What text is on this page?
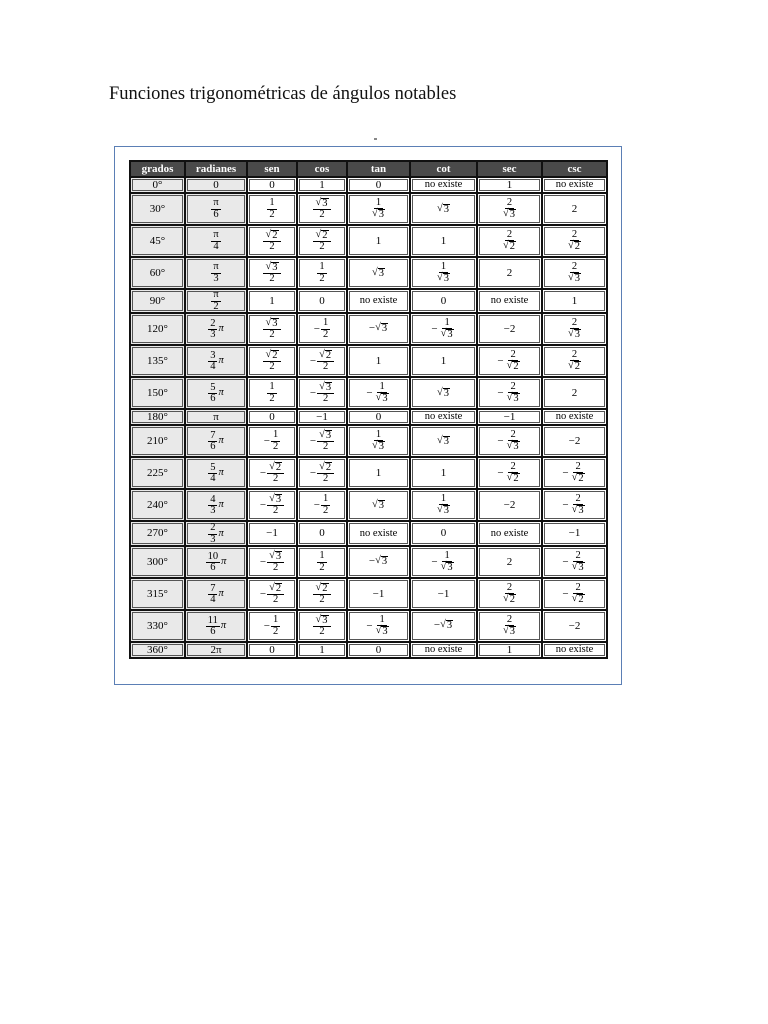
Funciones trigonométricas de ángulos notables
grados	radianes	sen	cos	tan	cot	sec	csc
0°	0	0	1	0	no existe	1	no existe
30°	$\frac{\pi}{6}$	$\frac{1}{2}$	$\frac{√ 3}{2}$	$\frac{1}{√ 3}$	√ 3	$\frac{2}{√ 3}$	2
45°	$\frac{\pi}{4}$	$\frac{√ 2}{2}$	$\frac{√ 2}{2}$	1	1	$\frac{2}{√ 2}$	$\frac{2}{√ 2}$

60°	$\frac{\pi}{3}$	$\frac{√ 3}{2}$	$\frac{1}{2}$	√ 3	$\frac{1}{√ 3}$	2	$\frac{2}{√ 3}$

90°	$\frac{\pi}{2}$	1	0	no existe	0	no existe	1
120°	$\frac{2}{3}$ π	$\frac{√ 3}{2}$	− $\frac{1}{2}$	− √ 3	− $\frac{1}{√ 3}$	−2	$\frac{2}{√ 3}$

135°	$\frac{3}{4}$ π	$\frac{√ 2}{2}$	− $\frac{√ 2}{2}$	1	1	− $\frac{2}{√ 2}$	$\frac{2}{√ 2}$

150°	$\frac{5}{6}$ π	$\frac{1}{2}$	− $\frac{√ 3}{2}$	− $\frac{1}{√ 3}$	√ 3	− $\frac{2}{√ 3}$	2
180°	π	0	−1	0	no existe	−1	no existe
210°	$\frac{7}{6}$ π	− $\frac{1}{2}$	− $\frac{√ 3}{2}$	$\frac{1}{√ 3}$	√ 3	− $\frac{2}{√ 3}$	−2
225°	$\frac{5}{4}$ π	− $\frac{√ 2}{2}$	− $\frac{√ 2}{2}$	1	1	− $\frac{2}{√ 2}$	− $\frac{2}{√ 2}$

240°	$\frac{4}{3}$ π	− $\frac{√ 3}{2}$	− $\frac{1}{2}$	√ 3	$\frac{1}{√ 3}$	−2	− $\frac{2}{√ 3}$

270°	$\frac{2}{3}$ π	−1	0	no existe	0	no existe	−1
300°	$\frac{10}{6}$ π	− $\frac{√ 3}{2}$	$\frac{1}{2}$	− √ 3	− $\frac{1}{√ 3}$	2	− $\frac{2}{√ 3}$

315°	$\frac{7}{4}$ π	− $\frac{√ 2}{2}$	$\frac{√ 2}{2}$	−1	−1	$\frac{2}{√ 2}$	− $\frac{2}{√ 2}$

330°	$\frac{11}{6}$ π	− $\frac{1}{2}$	$\frac{√ 3}{2}$	− $\frac{1}{√ 3}$	− √ 3	$\frac{2}{√ 3}$	−2
360°	2π	0	1	0	no existe	1	no existe
